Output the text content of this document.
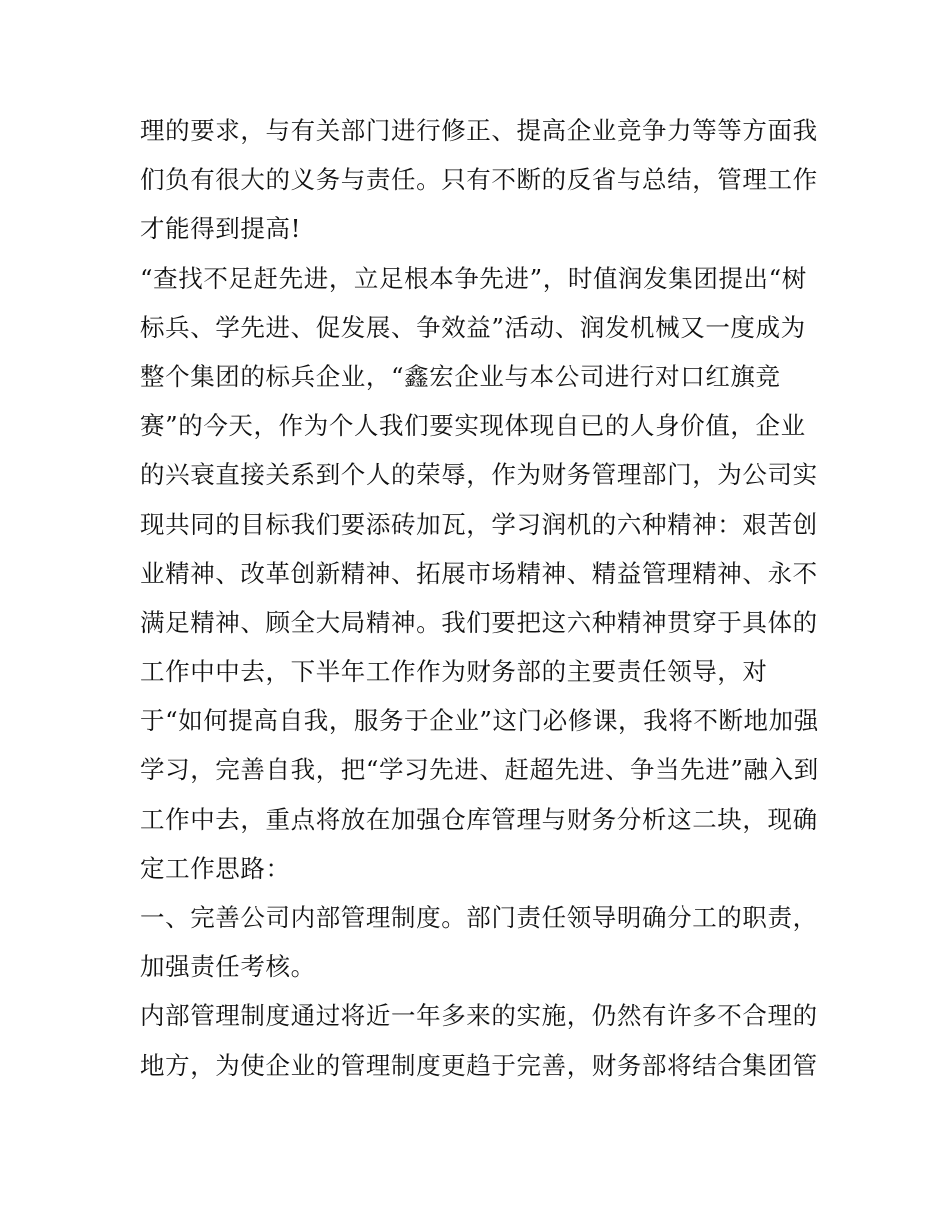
理的要求，与有关部门进行修正、提高企业竞争力等等方面我
们负有很大的义务与责任。只有不断的反省与总结，管理工作
才能得到提高!
“查找不足赶先进，立足根本争先进”，时值润发集团提出“树
标兵、学先进、促发展、争效益”活动、润发机械又一度成为
整个集团的标兵企业，“鑫宏企业与本公司进行对口红旗竞
赛”的今天，作为个人我们要实现体现自已的人身价值，企业
的兴衰直接关系到个人的荣辱，作为财务管理部门，为公司实
现共同的目标我们要添砖加瓦，学习润机的六种精神：艰苦创
业精神、改革创新精神、拓展市场精神、精益管理精神、永不
满足精神、顾全大局精神。我们要把这六种精神贯穿于具体的
工作中中去，下半年工作作为财务部的主要责任领导，对
于“如何提高自我，服务于企业”这门必修课，我将不断地加强
学习，完善自我，把“学习先进、赶超先进、争当先进”融入到
工作中去，重点将放在加强仓库管理与财务分析这二块，现确
定工作思路：
一、完善公司内部管理制度。部门责任领导明确分工的职责，
加强责任考核。
内部管理制度通过将近一年多来的实施，仍然有许多不合理的
地方，为使企业的管理制度更趋于完善，财务部将结合集团管
